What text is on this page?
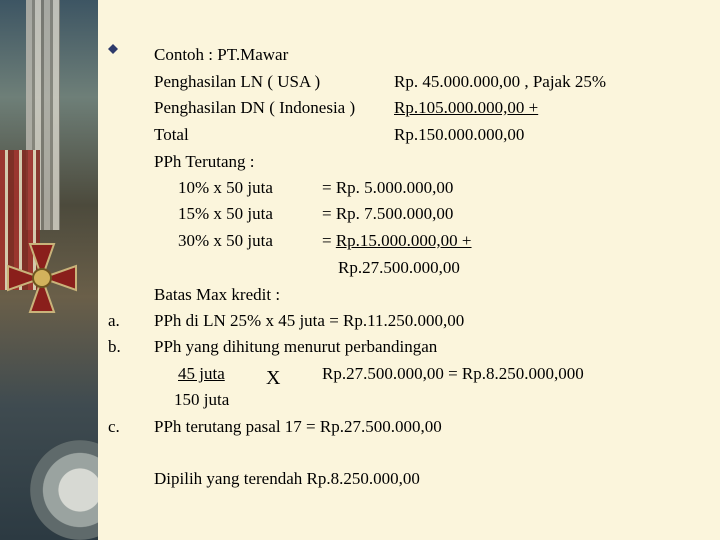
a.
b.
c.
Contoh : PT.Mawar
Penghasilan LN ( USA )	Rp. 45.000.000,00 , Pajak 25%
Penghasilan DN ( Indonesia ) Rp.105.000.000,00 +
Total	Rp.150.000.000,00
PPh Terutang :
10% x 50 juta	= Rp. 5.000.000,00
15% x 50 juta	= Rp. 7.500.000,00
30% x 50 juta	= Rp.15.000.000,00 +
Rp.27.500.000,00
Batas Max kredit :
PPh di LN 25% x 45 juta = Rp.11.250.000,00
PPh yang dihitung menurut perbandingan
45 juta X Rp.27.500.000,00 = Rp.8.250.000,000
150 juta
PPh terutang pasal 17 = Rp.27.500.000,00
Dipilih yang terendah Rp.8.250.000,00
